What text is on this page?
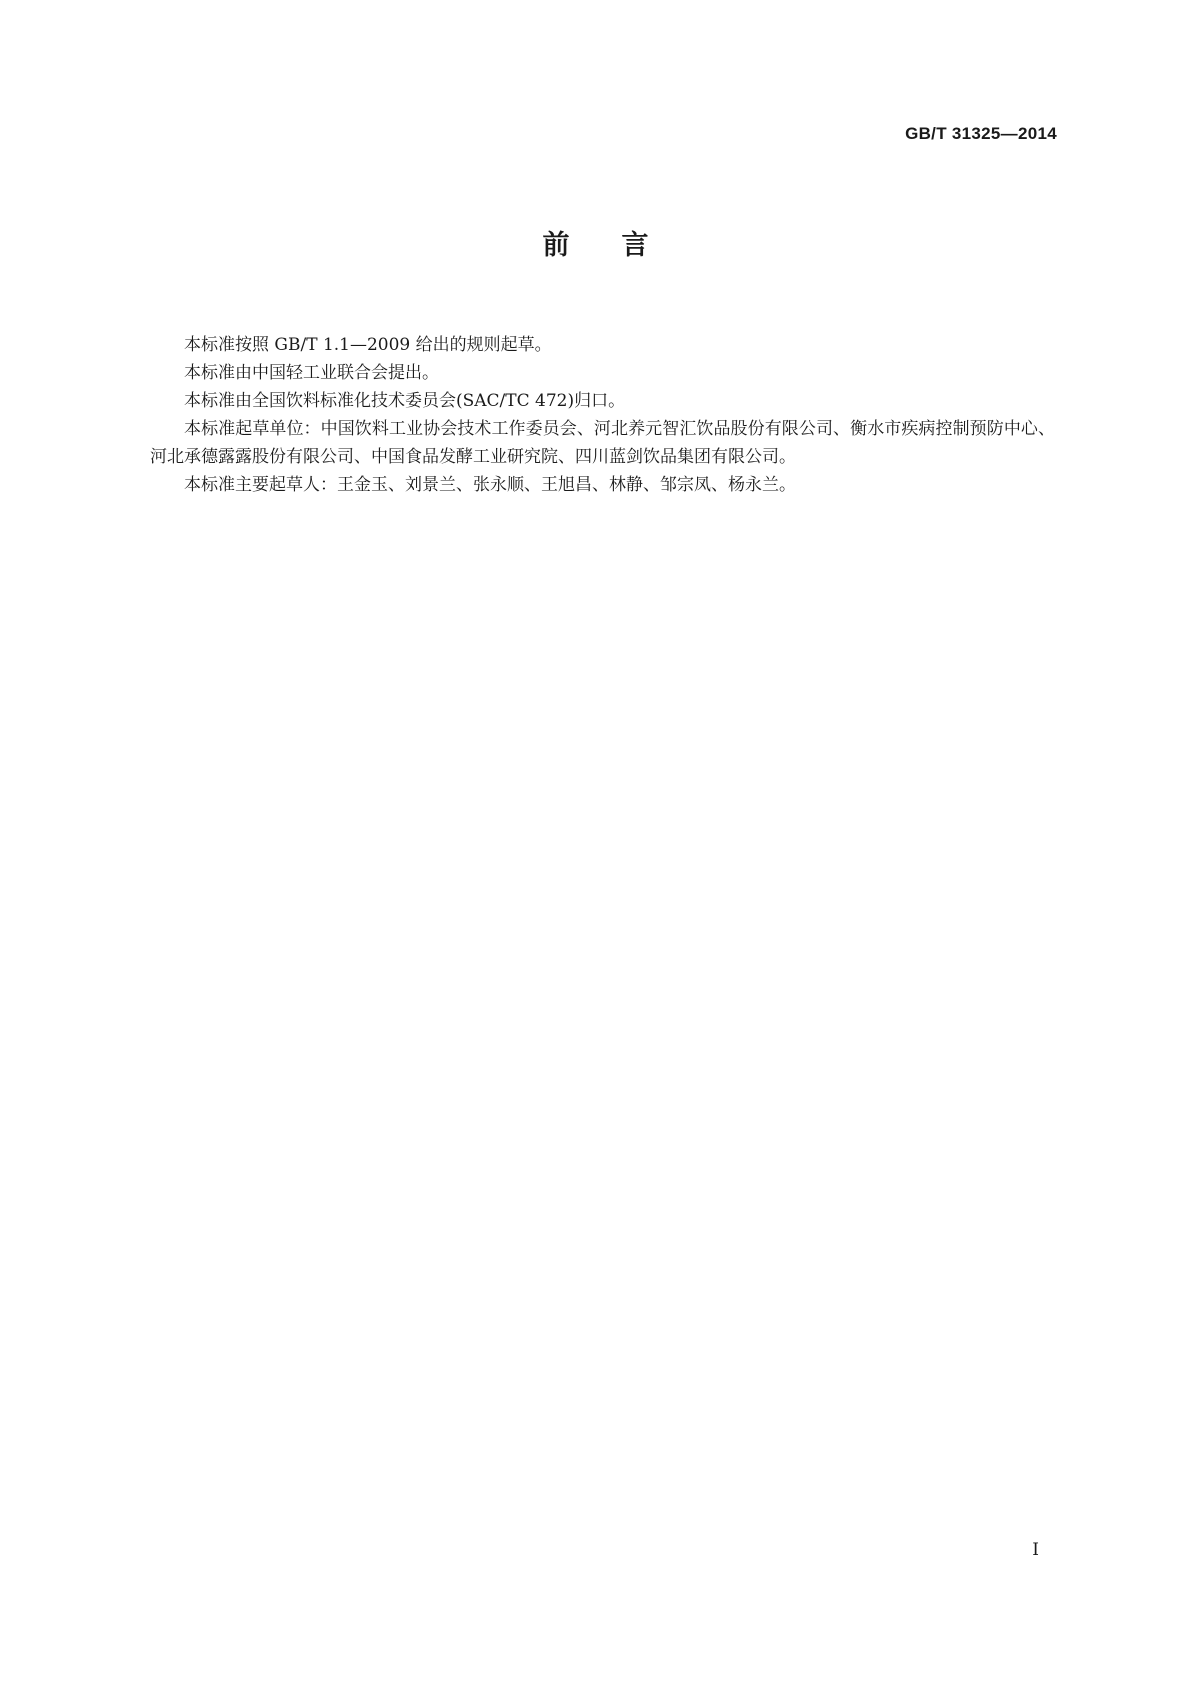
GB/T 31325—2014
前言

本标准按照 GB/T 1.1—2009 给出的规则起草。

本标准由中国轻工业联合会提出。

本标准由全国饮料标准化技术委员会(SAC/TC 472)归口。

本标准起草单位：中国饮料工业协会技术工作委员会、河北养元智汇饮品股份有限公司、衡水市疾病控制预防中心、河北承德露露股份有限公司、中国食品发酵工业研究院、四川蓝剑饮品集团有限公司。

本标准主要起草人：王金玉、刘景兰、张永顺、王旭昌、林静、邹宗凤、杨永兰。

I
